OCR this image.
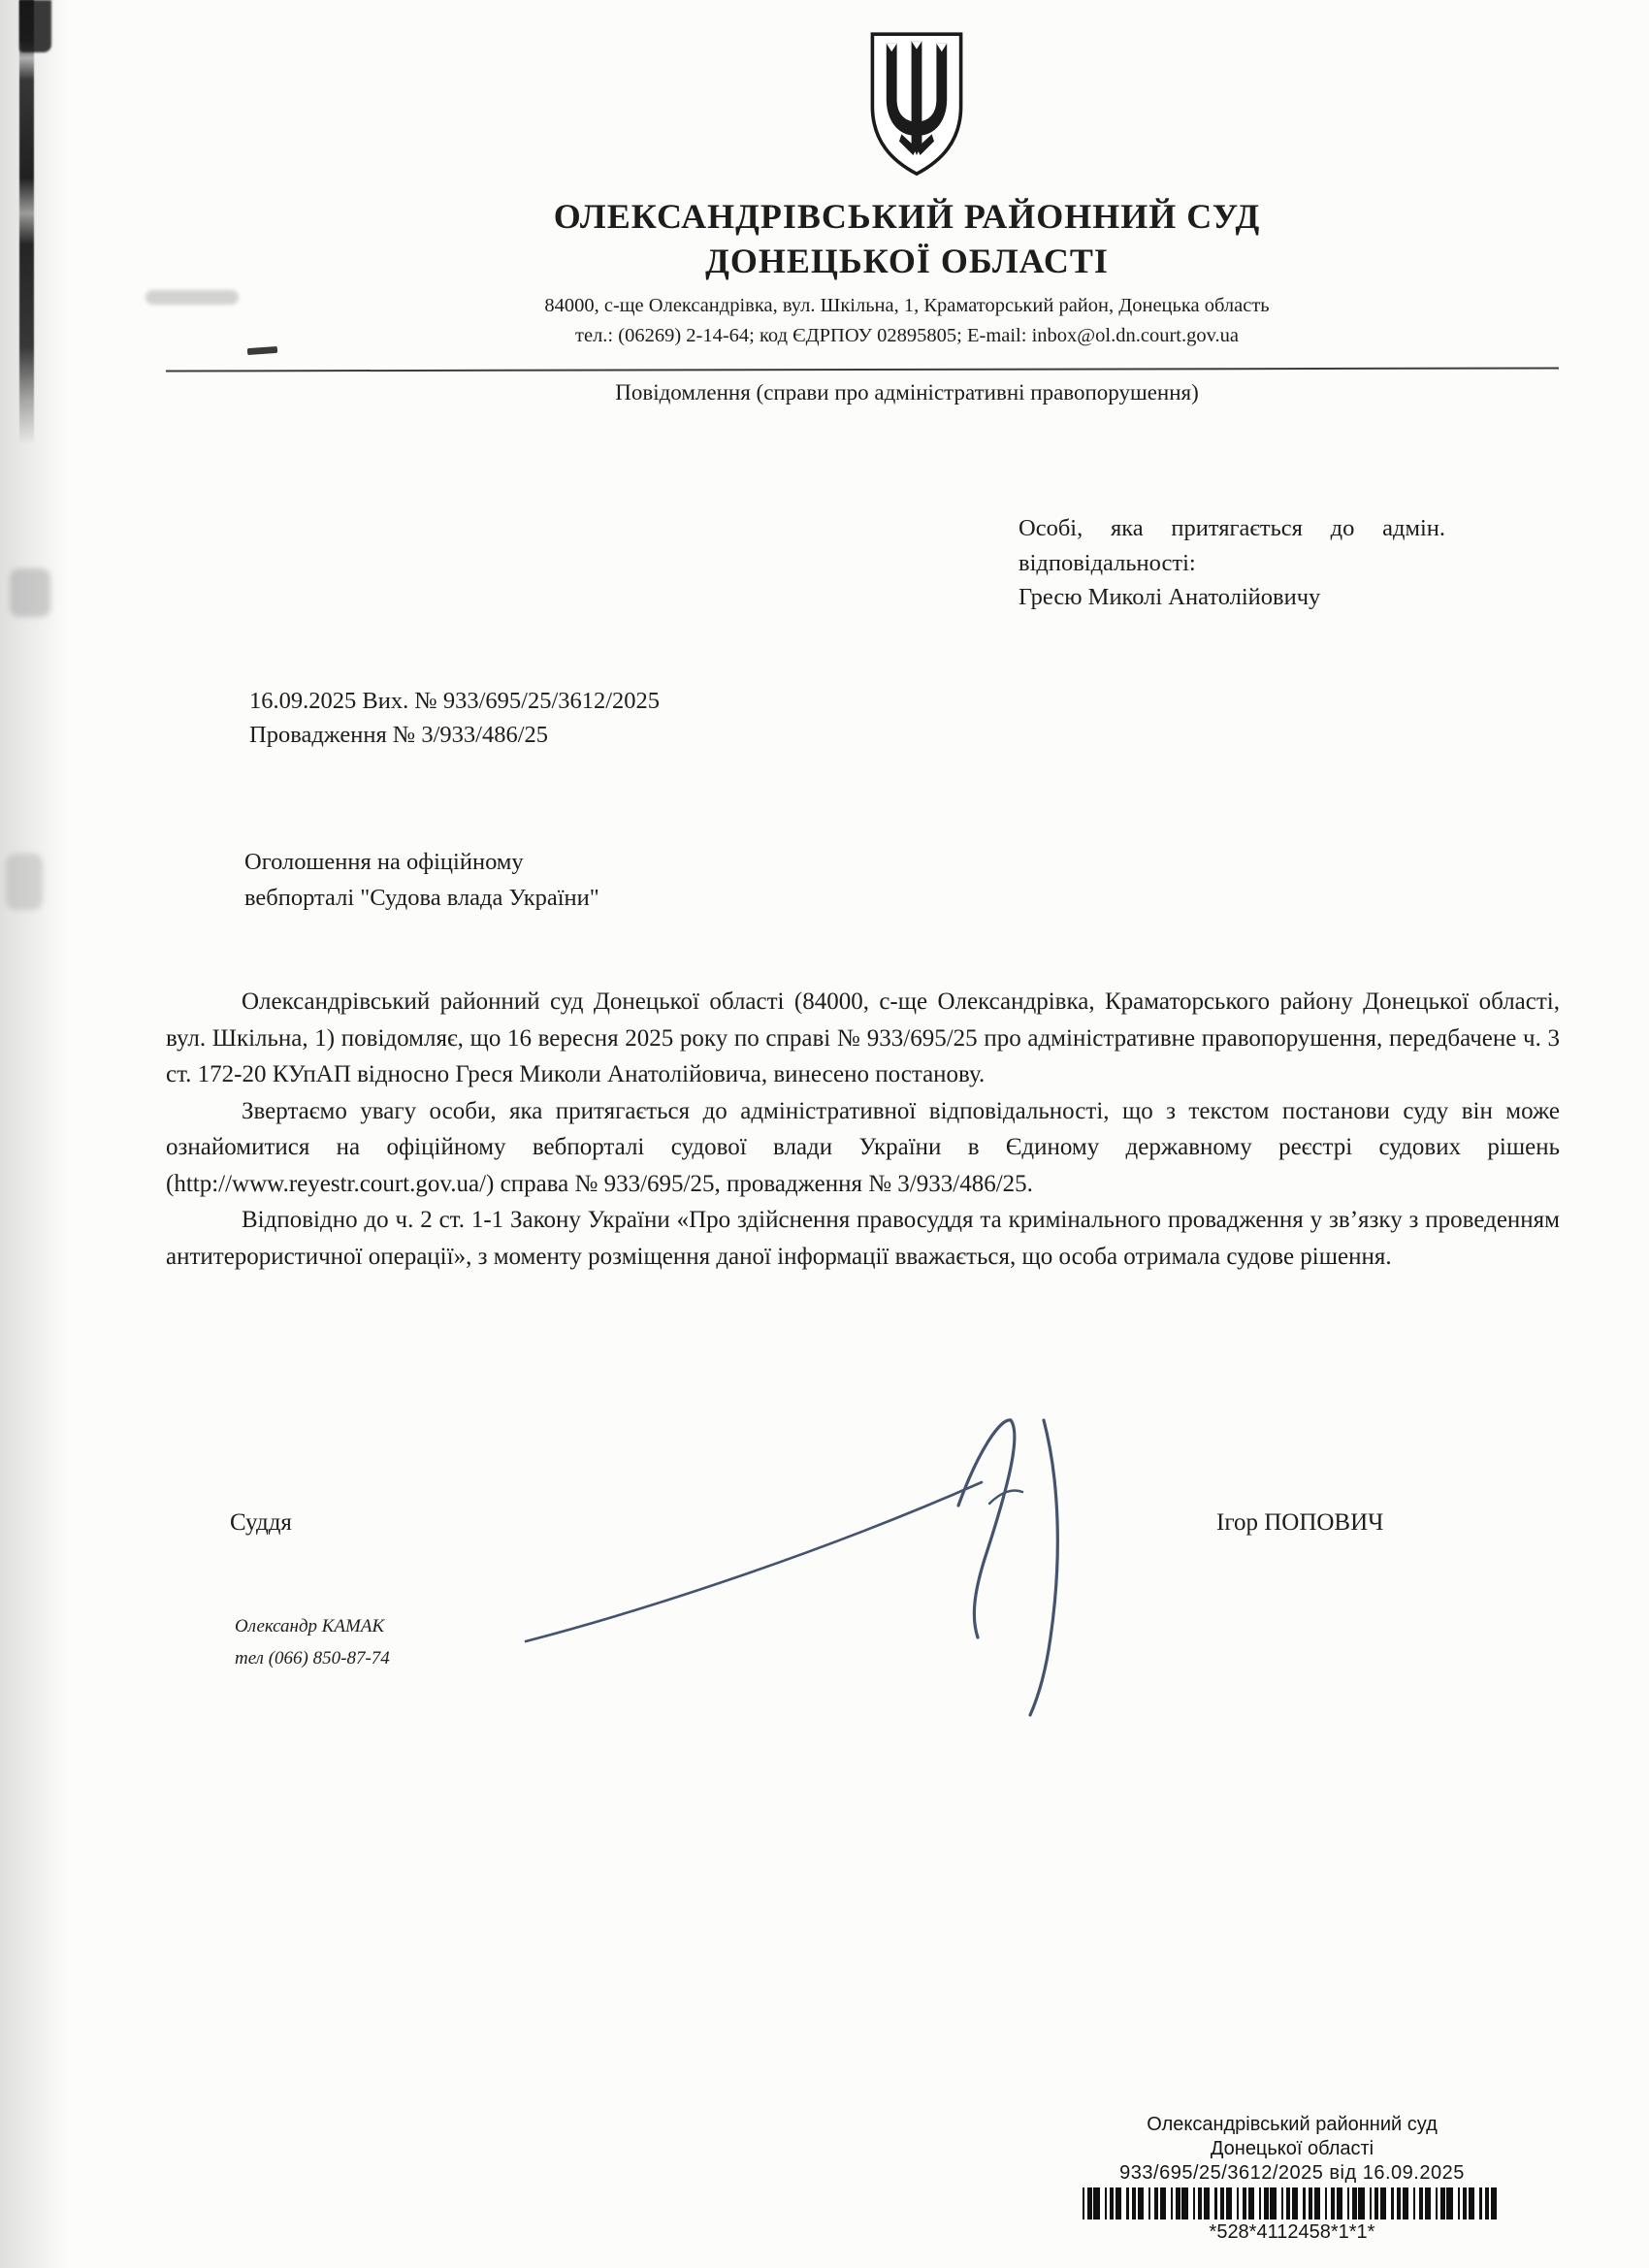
ОЛЕКСАНДРІВСЬКИЙ РАЙОННИЙ СУД

ДОНЕЦЬКОЇ ОБЛАСТІ

84000, с-ще Олександрівка, вул. Шкільна, 1, Краматорський район, Донецька область
тел.: (06269) 2-14-64; код ЄДРПОУ 02895805; E-mail: inbox@ol.dn.court.gov.ua
Повідомлення (справи про адміністративні правопорушення)
Особі, яка притягається до адмін.
відповідальності:
Гресю Миколі Анатолійовичу
16.09.2025 Вих. № 933/695/25/3612/2025
Провадження № 3/933/486/25
Оголошення на офіційному
вебпорталі "Судова влада України"

Олександрівський районний суд Донецької області (84000, с-ще Олександрівка, Краматорського району Донецької області, вул. Шкільна, 1) повідомляє, що 16 вересня 2025 року по справі № 933/695/25 про адміністративне правопорушення, передбачене ч. 3 ст. 172-20 КУпАП відносно Греся Миколи Анатолійовича, винесено постанову.

Звертаємо увагу особи, яка притягається до адміністративної відповідальності, що з текстом постанови суду він може ознайомитися на офіційному вебпорталі судової влади України в Єдиному державному реєстрі судових рішень (http://www.reyestr.court.gov.ua/) справа № 933/695/25, провадження № 3/933/486/25.

Відповідно до ч. 2 ст. 1-1 Закону України «Про здійснення правосуддя та кримінального провадження у зв’язку з проведенням антитерористичної операції», з моменту розміщення даної інформації вважається, що особа отримала судове рішення.

Суддя	Ігор ПОПОВИЧ
Олександр КАМАК
тел (066) 850-87-74
Олександрівський районний суд
Донецької області
933/695/25/3612/2025 від 16.09.2025
*528*4112458*1*1*
